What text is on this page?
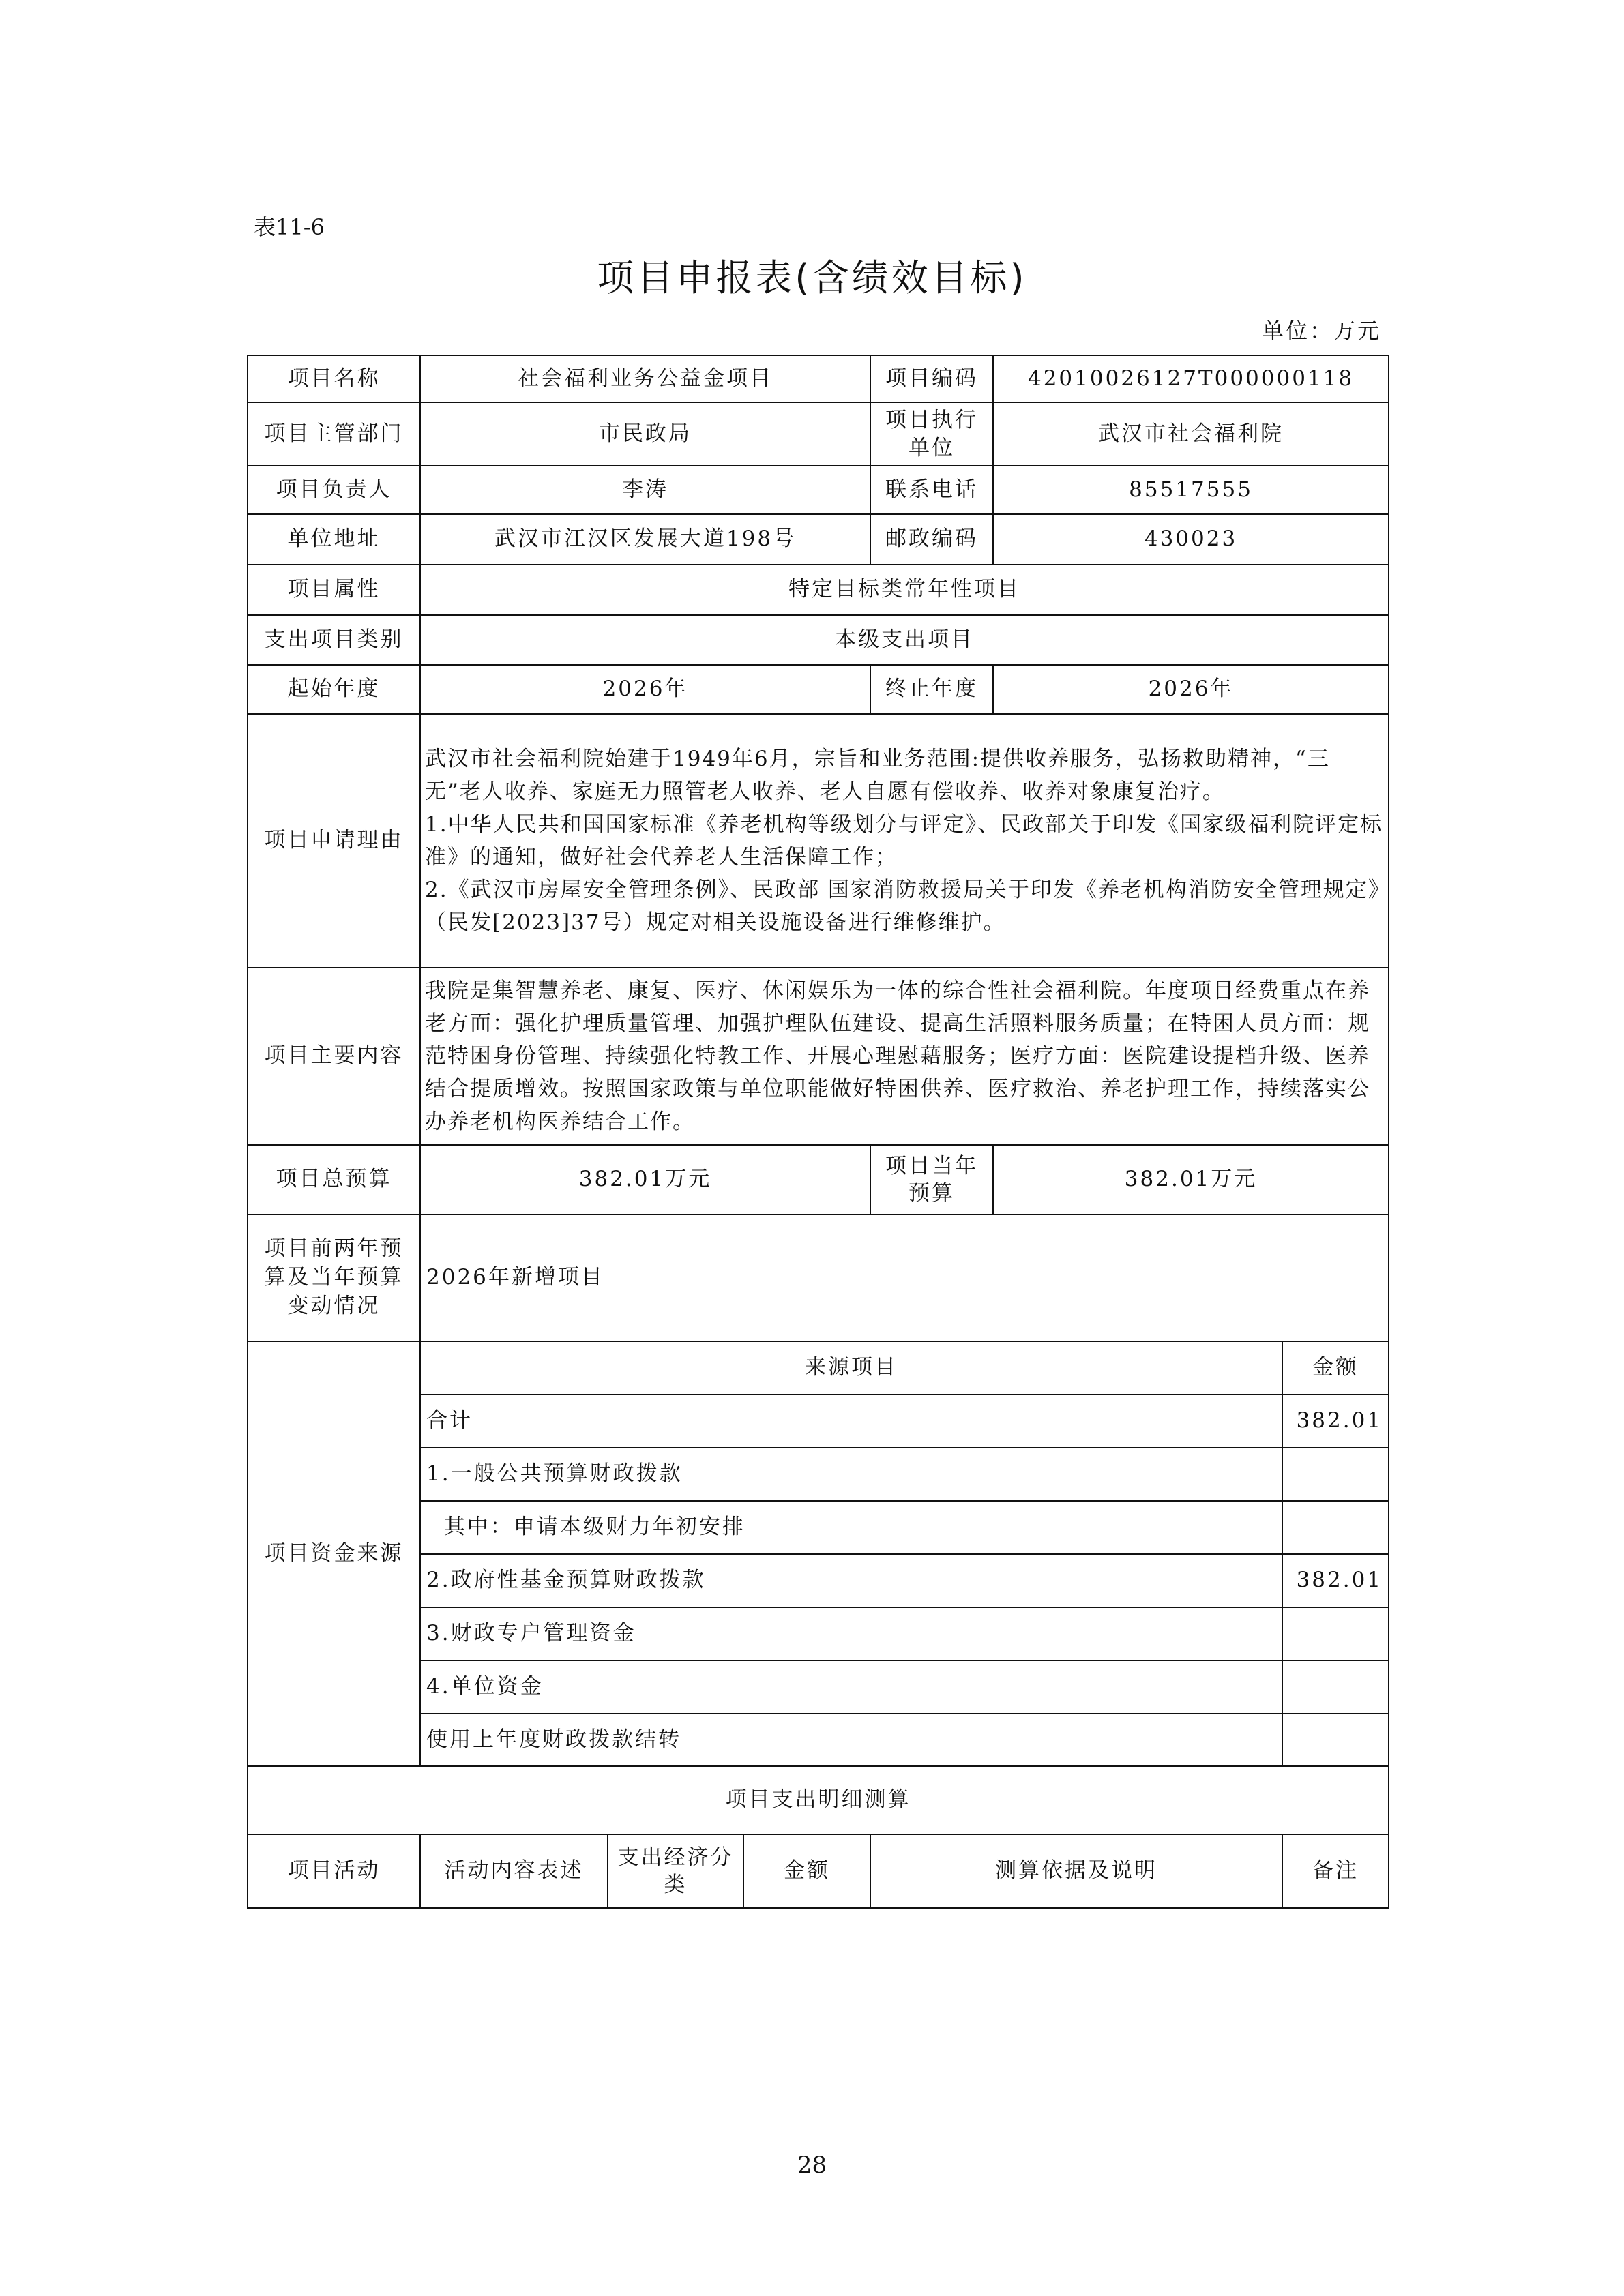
表11-6
项目申报表(含绩效目标)
单位：万元
项目名称	社会福利业务公益金项目			项目编码	42010026127T000000118	
项目主管部门	市民政局			项目执行单位	武汉市社会福利院	
项目负责人	李涛			联系电话	85517555	
单位地址	武汉市江汉区发展大道198号			邮政编码	430023	
项目属性	特定目标类常年性项目					
支出项目类别	本级支出项目					
起始年度	2026年			终止年度	2026年	
项目申请理由	武汉市社会福利院始建于1949年6月，宗旨和业务范围:提供收养服务，弘扬救助精神，“三无”老人收养、家庭无力照管老人收养、老人自愿有偿收养、收养对象康复治疗。
1.中华人民共和国国家标准《养老机构等级划分与评定》、民政部关于印发《国家级福利院评定标准》的通知，做好社会代养老人生活保障工作；
2.《武汉市房屋安全管理条例》、民政部 国家消防救援局关于印发《养老机构消防安全管理规定》（民发[2023]37号）规定对相关设施设备进行维修维护。					
项目主要内容	我院是集智慧养老、康复、医疗、休闲娱乐为一体的综合性社会福利院。年度项目经费重点在养老方面：强化护理质量管理、加强护理队伍建设、提高生活照料服务质量；在特困人员方面：规范特困身份管理、持续强化特教工作、开展心理慰藉服务；医疗方面：医院建设提档升级、医养结合提质增效。按照国家政策与单位职能做好特困供养、医疗救治、养老护理工作，持续落实公办养老机构医养结合工作。					
项目总预算	382.01万元			项目当年预算	382.01万元	
项目前两年预算及当年预算变动情况	2026年新增项目					
项目资金来源	来源项目					金额
	合计					382.01
	1.一般公共预算财政拨款					
	其中：申请本级财力年初安排					
	2.政府性基金预算财政拨款					382.01
	3.财政专户管理资金					
	4.单位资金					
	使用上年度财政拨款结转					
项目支出明细测算						
项目活动	活动内容表述	支出经济分类	金额	测算依据及说明		备注
28
